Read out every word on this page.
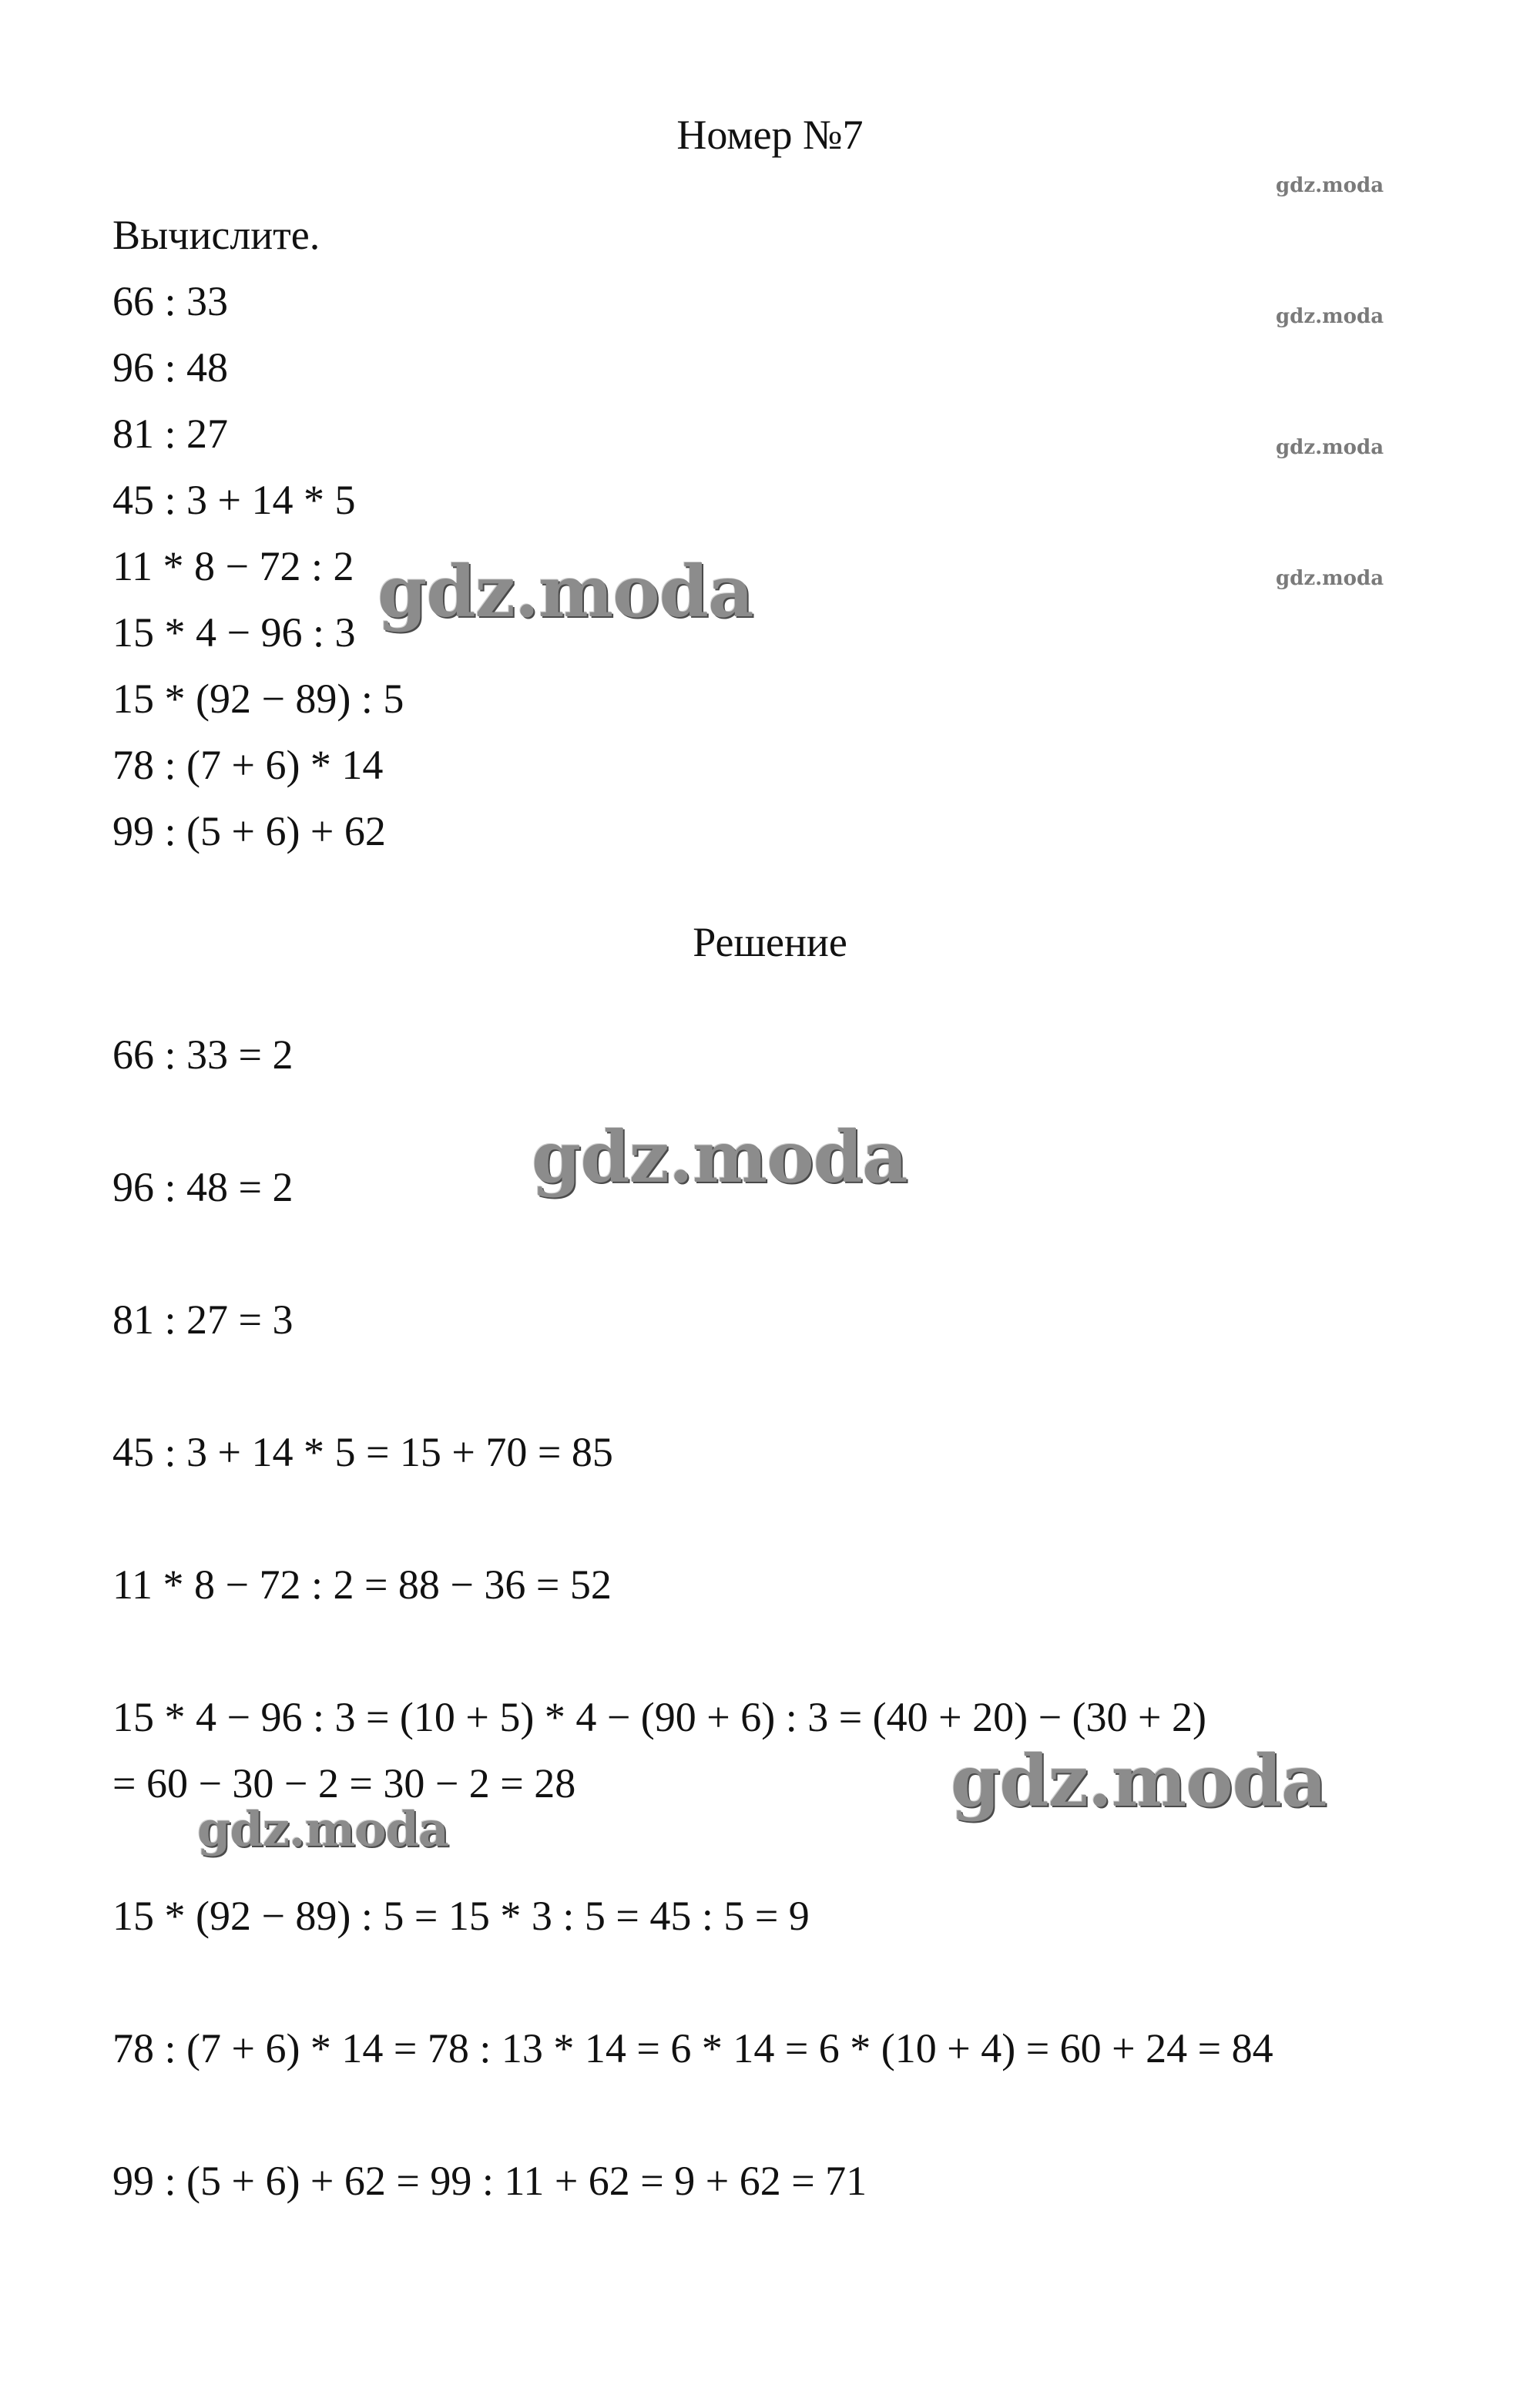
Номер №7
Вычислите.
66 : 33
96 : 48
81 : 27
45 : 3 + 14 * 5
11 * 8 − 72 : 2
15 * 4 − 96 : 3
15 * (92 − 89) : 5
78 : (7 + 6) * 14
99 : (5 + 6) + 62
Решение
66 : 33 = 2
96 : 48 = 2
81 : 27 = 3
45 : 3 + 14 * 5 = 15 + 70 = 85
11 * 8 − 72 : 2 = 88 − 36 = 52
15 * 4 − 96 : 3 = (10 + 5) * 4 − (90 + 6) : 3 = (40 + 20) − (30 + 2)
= 60 − 30 − 2 = 30 − 2 = 28
15 * (92 − 89) : 5 = 15 * 3 : 5 = 45 : 5 = 9
78 : (7 + 6) * 14 = 78 : 13 * 14 = 6 * 14 = 6 * (10 + 4) = 60 + 24 = 84
99 : (5 + 6) + 62 = 99 : 11 + 62 = 9 + 62 = 71
gdz.moda
gdz.moda
gdz.moda
gdz.moda
gdz.moda
gdz.moda
gdz.moda
gdz.moda
